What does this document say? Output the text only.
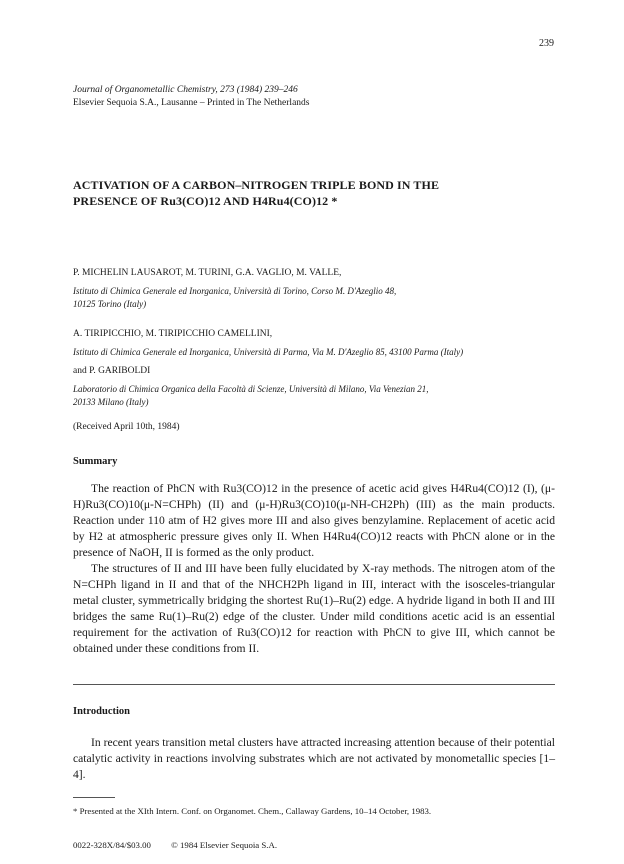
239
Journal of Organometallic Chemistry, 273 (1984) 239–246
Elsevier Sequoia S.A., Lausanne – Printed in The Netherlands
ACTIVATION OF A CARBON–NITROGEN TRIPLE BOND IN THE
PRESENCE OF Ru3(CO)12 AND H4Ru4(CO)12 *
P. MICHELIN LAUSAROT, M. TURINI, G.A. VAGLIO, M. VALLE,
Istituto di Chimica Generale ed Inorganica, Università di Torino, Corso M. D'Azeglio 48,
10125 Torino (Italy)
A. TIRIPICCHIO, M. TIRIPICCHIO CAMELLINI,
Istituto di Chimica Generale ed Inorganica, Università di Parma, Via M. D'Azeglio 85, 43100 Parma (Italy)
and P. GARIBOLDI
Laboratorio di Chimica Organica della Facoltà di Scienze, Università di Milano, Via Venezian 21,
20133 Milano (Italy)
(Received April 10th, 1984)
Summary

The reaction of PhCN with Ru3(CO)12 in the presence of acetic acid gives H4Ru4(CO)12 (I), (μ-H)Ru3(CO)10(μ-N=CHPh) (II) and (μ-H)Ru3(CO)10(μ-NH-CH2Ph) (III) as the main products. Reaction under 110 atm of H2 gives more III and also gives benzylamine. Replacement of acetic acid by H2 at atmospheric pressure gives only II. When H4Ru4(CO)12 reacts with PhCN alone or in the presence of NaOH, II is formed as the only product.

The structures of II and III have been fully elucidated by X-ray methods. The nitrogen atom of the N=CHPh ligand in II and that of the NHCH2Ph ligand in III, interact with the isosceles-triangular metal cluster, symmetrically bridging the shortest Ru(1)–Ru(2) edge. A hydride ligand in both II and III bridges the same Ru(1)–Ru(2) edge of the cluster. Under mild conditions acetic acid is an essential requirement for the activation of Ru3(CO)12 for reaction with PhCN to give III, which cannot be obtained under these conditions from II.

Introduction

In recent years transition metal clusters have attracted increasing attention because of their potential catalytic activity in reactions involving substrates which are not activated by monometallic species [1–4].

* Presented at the XIth Intern. Conf. on Organomet. Chem., Callaway Gardens, 10–14 October, 1983.
0022-328X/84/$03.00 © 1984 Elsevier Sequoia S.A.
